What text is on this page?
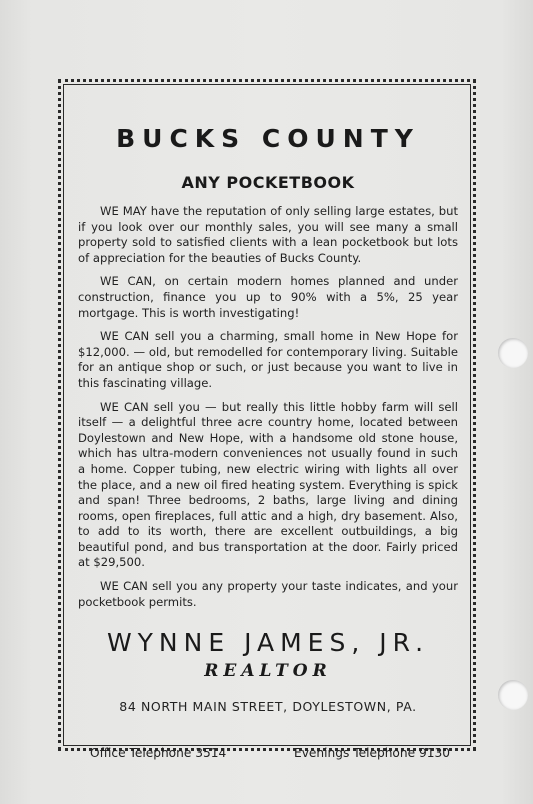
BUCKS COUNTY
ANY POCKETBOOK

WE MAY have the reputation of only selling large estates, but if you look over our monthly sales, you will see many a small property sold to satisfied clients with a lean pocketbook but lots of appreciation for the beauties of Bucks County.

WE CAN, on certain modern homes planned and under construction, finance you up to 90% with a 5%, 25 year mortgage. This is worth investigating!

WE CAN sell you a charming, small home in New Hope for $12,000. — old, but remodelled for contemporary living. Suitable for an antique shop or such, or just because you want to live in this fascinating village.

WE CAN sell you — but really this little hobby farm will sell itself — a delightful three acre country home, located between Doylestown and New Hope, with a handsome old stone house, which has ultra-modern conveniences not usually found in such a home. Copper tubing, new electric wiring with lights all over the place, and a new oil fired heating system. Everything is spick and span! Three bedrooms, 2 baths, large living and dining rooms, open fireplaces, full attic and a high, dry basement. Also, to add to its worth, there are excellent outbuildings, a big beautiful pond, and bus transportation at the door. Fairly priced at $29,500.

WE CAN sell you any property your taste indicates, and your pocketbook permits.

WYNNE JAMES, JR.
REALTOR
84 NORTH MAIN STREET, DOYLESTOWN, PA.
Office Telephone 3514	Evenings Telephone 9130
